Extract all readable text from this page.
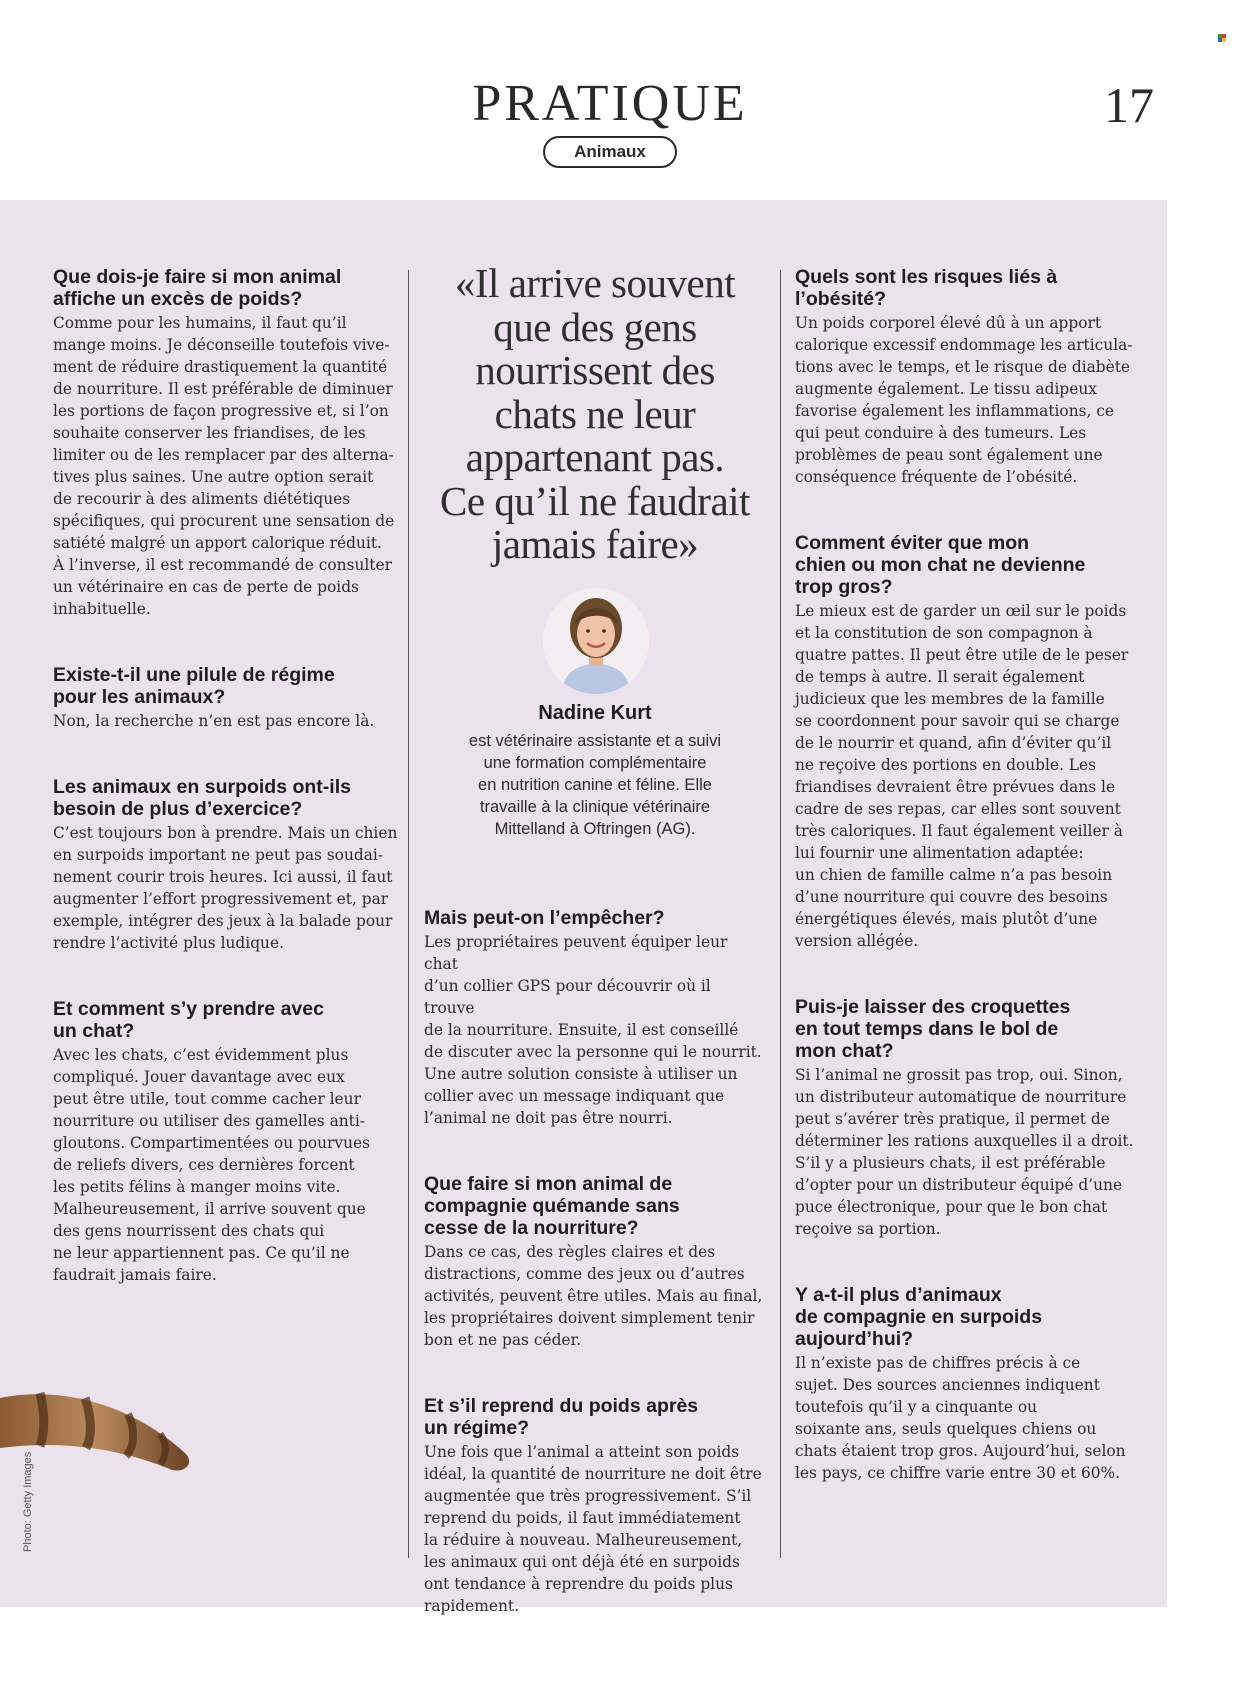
PRATIQUE	17
Animaux
Photo: Getty Images
Que dois-je faire si mon animal
affiche un excès de poids?
Comme pour les humains, il faut qu’il
mange moins. Je déconseille toutefois vive-
ment de réduire drastiquement la quantité
de nourriture. Il est préférable de diminuer
les portions de façon progressive et, si l’on
souhaite conserver les friandises, de les
limiter ou de les remplacer par des alterna-
tives plus saines. Une autre option serait
de recourir à des aliments diététiques
spécifiques, qui procurent une sensation de
satiété malgré un apport calorique réduit.
À l’inverse, il est recommandé de consulter
un vétérinaire en cas de perte de poids
inhabituelle.
Existe-t-il une pilule de régime
pour les animaux?
Non, la recherche n’en est pas encore là.
Les animaux en surpoids ont-ils
besoin de plus d’exercice?
C’est toujours bon à prendre. Mais un chien
en surpoids important ne peut pas soudai-
nement courir trois heures. Ici aussi, il faut
augmenter l’effort progressivement et, par
exemple, intégrer des jeux à la balade pour
rendre l’activité plus ludique.
Et comment s’y prendre avec
un chat?
Avec les chats, c’est évidemment plus
compliqué. Jouer davantage avec eux
peut être utile, tout comme cacher leur
nourriture ou utiliser des gamelles anti-
gloutons. Compartimentées ou pourvues
de reliefs divers, ces dernières forcent
les petits félins à manger moins vite.
Malheureusement, il arrive souvent que
des gens nourrissent des chats qui
ne leur appartiennent pas. Ce qu’il ne
faudrait jamais faire.

«Il arrive souvent
que des gens
nourrissent des
chats ne leur
appartenant pas.
Ce qu’il ne faudrait
jamais faire»

Nadine Kurt

est vétérinaire assistante et a suivi
une formation complémentaire
en nutrition canine et féline. Elle
travaille à la clinique vétérinaire
Mittelland à Oftringen (AG).

Mais peut-on l’empêcher?
Les propriétaires peuvent équiper leur chat
d’un collier GPS pour découvrir où il trouve
de la nourriture. Ensuite, il est conseillé
de discuter avec la personne qui le nourrit.
Une autre solution consiste à utiliser un
collier avec un message indiquant que
l’animal ne doit pas être nourri.
Que faire si mon animal de
compagnie quémande sans
cesse de la nourriture?
Dans ce cas, des règles claires et des
distractions, comme des jeux ou d’autres
activités, peuvent être utiles. Mais au final,
les propriétaires doivent simplement tenir
bon et ne pas céder.
Et s’il reprend du poids après
un régime?
Une fois que l’animal a atteint son poids
idéal, la quantité de nourriture ne doit être
augmentée que très progressivement. S’il
reprend du poids, il faut immédiatement
la réduire à nouveau. Malheureusement,
les animaux qui ont déjà été en surpoids
ont tendance à reprendre du poids plus
rapidement.
Quels sont les risques liés à
l’obésité?
Un poids corporel élevé dû à un apport
calorique excessif endommage les articula-
tions avec le temps, et le risque de diabète
augmente également. Le tissu adipeux
favorise également les inflammations, ce
qui peut conduire à des tumeurs. Les
problèmes de peau sont également une
conséquence fréquente de l’obésité.
Comment éviter que mon
chien ou mon chat ne devienne
trop gros?
Le mieux est de garder un œil sur le poids
et la constitution de son compagnon à
quatre pattes. Il peut être utile de le peser
de temps à autre. Il serait également
judicieux que les membres de la famille
se coordonnent pour savoir qui se charge
de le nourrir et quand, afin d’éviter qu’il
ne reçoive des portions en double. Les
friandises devraient être prévues dans le
cadre de ses repas, car elles sont souvent
très caloriques. Il faut également veiller à
lui fournir une alimentation adaptée:
un chien de famille calme n’a pas besoin
d’une nourriture qui couvre des besoins
énergétiques élevés, mais plutôt d’une
version allégée.
Puis-je laisser des croquettes
en tout temps dans le bol de
mon chat?
Si l’animal ne grossit pas trop, oui. Sinon,
un distributeur automatique de nourriture
peut s’avérer très pratique, il permet de
déterminer les rations auxquelles il a droit.
S’il y a plusieurs chats, il est préférable
d’opter pour un distributeur équipé d’une
puce électronique, pour que le bon chat
reçoive sa portion.
Y a-t-il plus d’animaux
de compagnie en surpoids
aujourd’hui?
Il n’existe pas de chiffres précis à ce
sujet. Des sources anciennes indiquent
toutefois qu’il y a cinquante ou
soixante ans, seuls quelques chiens ou
chats étaient trop gros. Aujourd’hui, selon
les pays, ce chiffre varie entre 30 et 60%.
